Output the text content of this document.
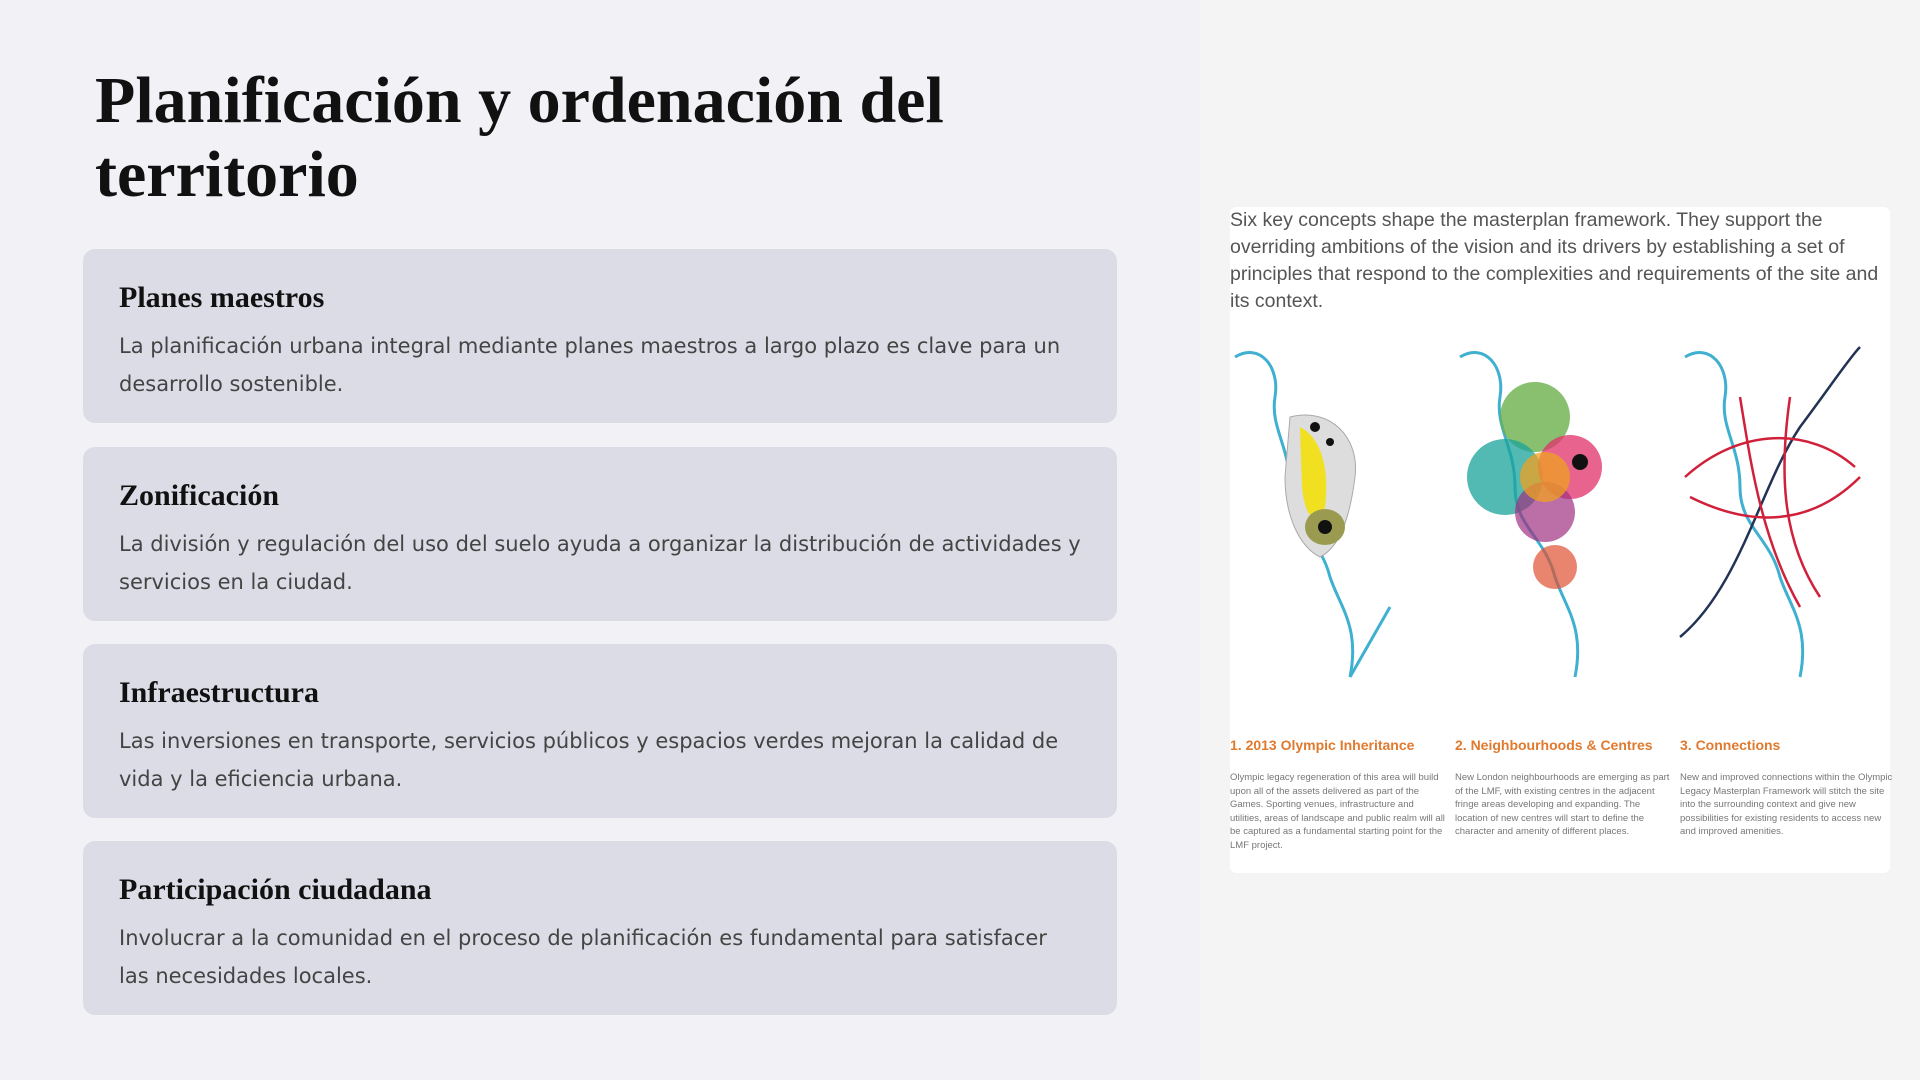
Planificación y ordenación del territorio
Planes maestros

La planificación urbana integral mediante planes maestros a largo plazo es clave para un desarrollo sostenible.

Zonificación

La división y regulación del uso del suelo ayuda a organizar la distribución de actividades y servicios en la ciudad.

Infraestructura

Las inversiones en transporte, servicios públicos y espacios verdes mejoran la calidad de vida y la eficiencia urbana.

Participación ciudadana

Involucrar a la comunidad en el proceso de planificación es fundamental para satisfacer las necesidades locales.

Six key concepts shape the masterplan framework. They support the overriding ambitions of the vision and its drivers by establishing a set of principles that respond to the complexities and requirements of the site and its context.
1. 2013 Olympic Inheritance

Olympic legacy regeneration of this area will build upon all of the assets delivered as part of the Games. Sporting venues, infrastructure and utilities, areas of landscape and public realm will all be captured as a fundamental starting point for the LMF project.

2. Neighbourhoods & Centres

New London neighbourhoods are emerging as part of the LMF, with existing centres in the adjacent fringe areas developing and expanding. The location of new centres will start to define the character and amenity of different places.

3. Connections

New and improved connections within the Olympic Legacy Masterplan Framework will stitch the site into the surrounding context and give new possibilities for existing residents to access new and improved amenities.
